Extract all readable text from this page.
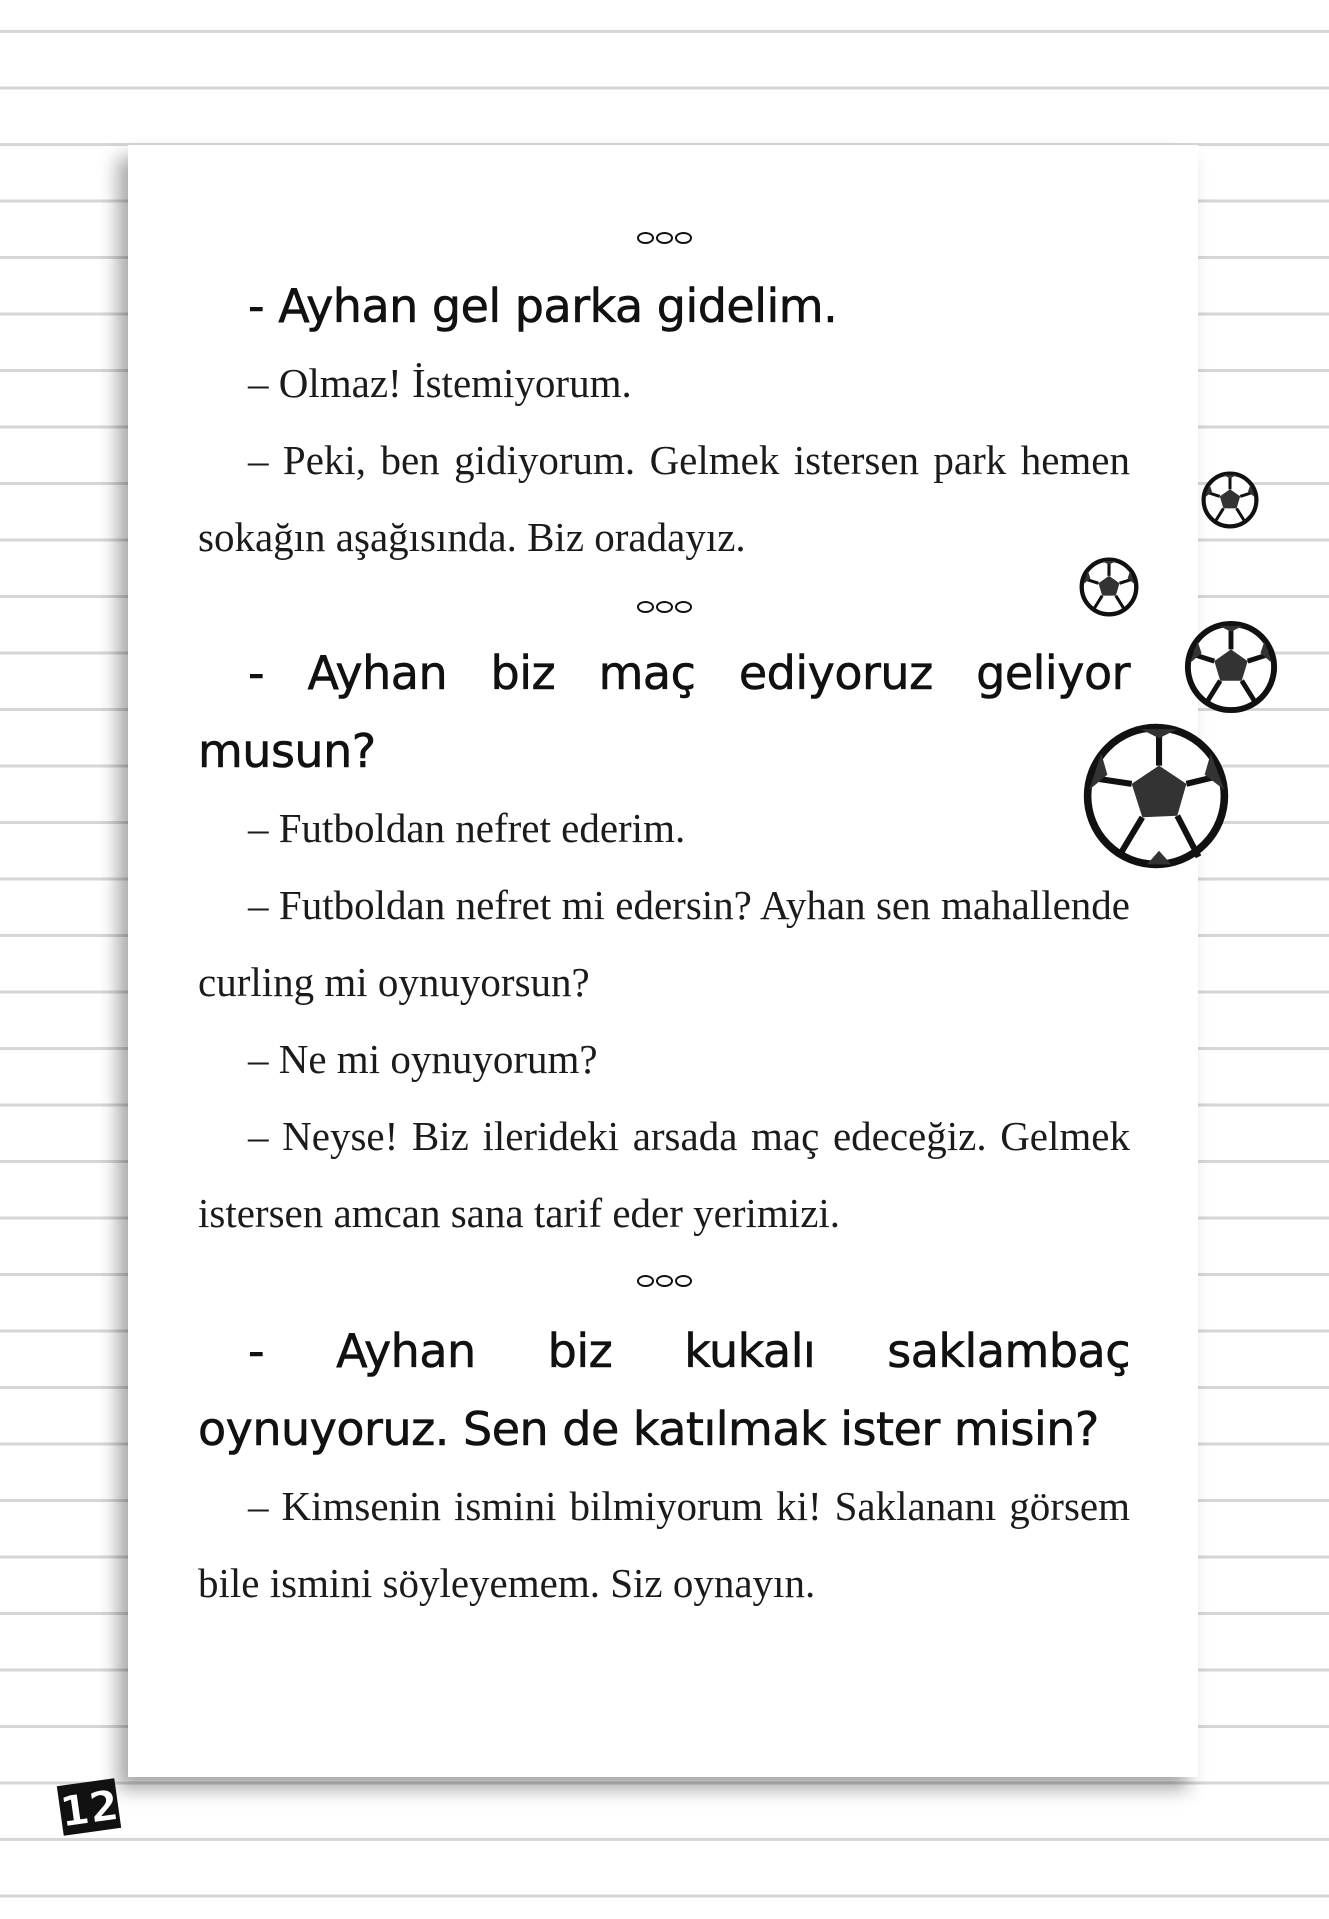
- Ayhan gel parka gidelim.

– Olmaz! İstemiyorum.

– Peki, ben gidiyorum. Gelmek istersen park hemen sokağın aşağısında. Biz oradayız.

- Ayhan biz maç ediyoruz geliyor musun?

– Futboldan nefret ederim.

– Futboldan nefret mi edersin? Ayhan sen mahallende curling mi oynuyorsun?

– Ne mi oynuyorum?

– Neyse! Biz ilerideki arsada maç edeceğiz. Gelmek istersen amcan sana tarif eder yerimizi.

- Ayhan biz kukalı saklambaç oynuyoruz. Sen de katılmak ister misin?

– Kimsenin ismini bilmiyorum ki! Saklananı görsem bile ismini söyleyemem. Siz oynayın.

12
